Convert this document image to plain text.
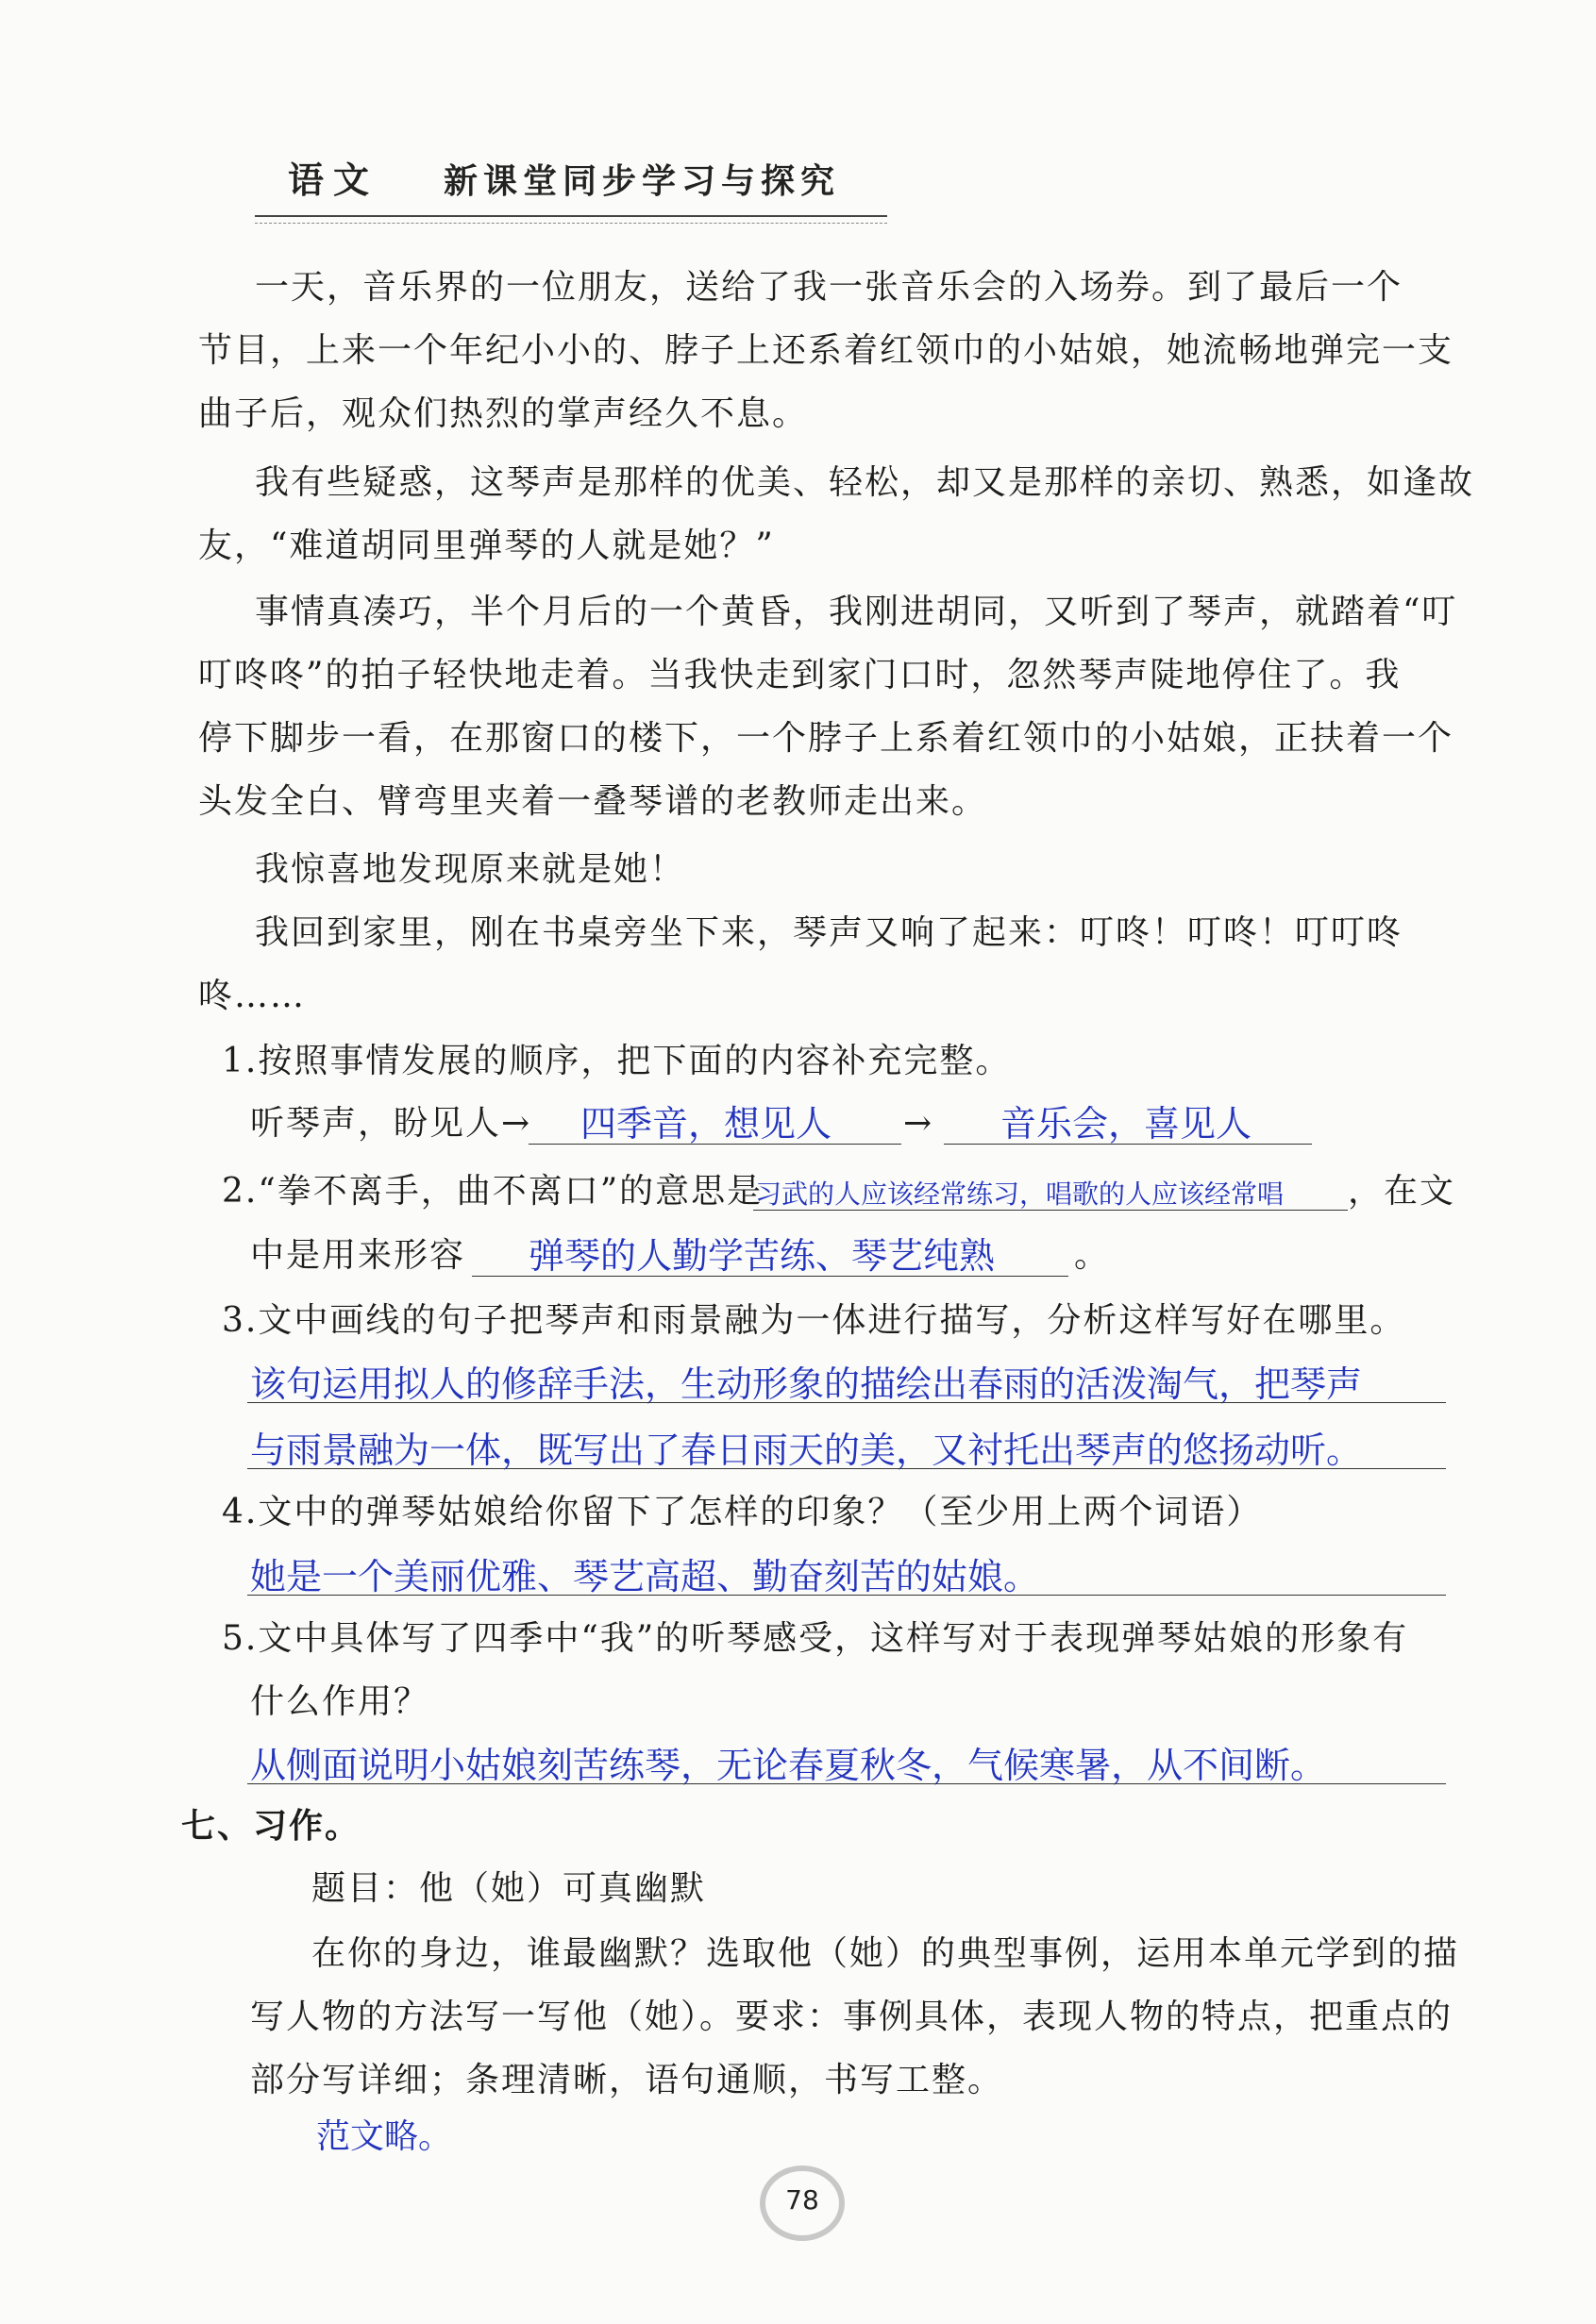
语文 新课堂同步学习与探究
一天，音乐界的一位朋友，送给了我一张音乐会的入场券。到了最后一个
节目，上来一个年纪小小的、脖子上还系着红领巾的小姑娘，她流畅地弹完一支
曲子后，观众们热烈的掌声经久不息。
我有些疑惑，这琴声是那样的优美、轻松，却又是那样的亲切、熟悉，如逢故
友，“难道胡同里弹琴的人就是她？”
事情真凑巧，半个月后的一个黄昏，我刚进胡同，又听到了琴声，就踏着“叮
叮咚咚”的拍子轻快地走着。当我快走到家门口时，忽然琴声陡地停住了。我
停下脚步一看，在那窗口的楼下，一个脖子上系着红领巾的小姑娘，正扶着一个
头发全白、臂弯里夹着一叠琴谱的老教师走出来。
我惊喜地发现原来就是她！
我回到家里，刚在书桌旁坐下来，琴声又响了起来：叮咚！叮咚！叮叮咚
咚……
1.按照事情发展的顺序，把下面的内容补充完整。
听琴声，盼见人→ 四季音，想见人 → 音乐会，喜见人
2.“拳不离手，曲不离口”的意思是
习武的人应该经常练习，唱歌的人应该经常唱 ，在文
中是用来形容 弹琴的人勤学苦练、琴艺纯熟 。
3.文中画线的句子把琴声和雨景融为一体进行描写，分析这样写好在哪里。
该句运用拟人的修辞手法，生动形象的描绘出春雨的活泼淘气，把琴声
与雨景融为一体，既写出了春日雨天的美，又衬托出琴声的悠扬动听。
4.文中的弹琴姑娘给你留下了怎样的印象？（至少用上两个词语）
她是一个美丽优雅、琴艺高超、勤奋刻苦的姑娘。
5.文中具体写了四季中“我”的听琴感受，这样写对于表现弹琴姑娘的形象有
什么作用？
从侧面说明小姑娘刻苦练琴，无论春夏秋冬，气候寒暑，从不间断。
七、习作。
题目：他（她）可真幽默
在你的身边，谁最幽默？选取他（她）的典型事例，运用本单元学到的描
写人物的方法写一写他（她）。要求：事例具体，表现人物的特点，把重点的
部分写详细；条理清晰，语句通顺，书写工整。
范文略。
78
